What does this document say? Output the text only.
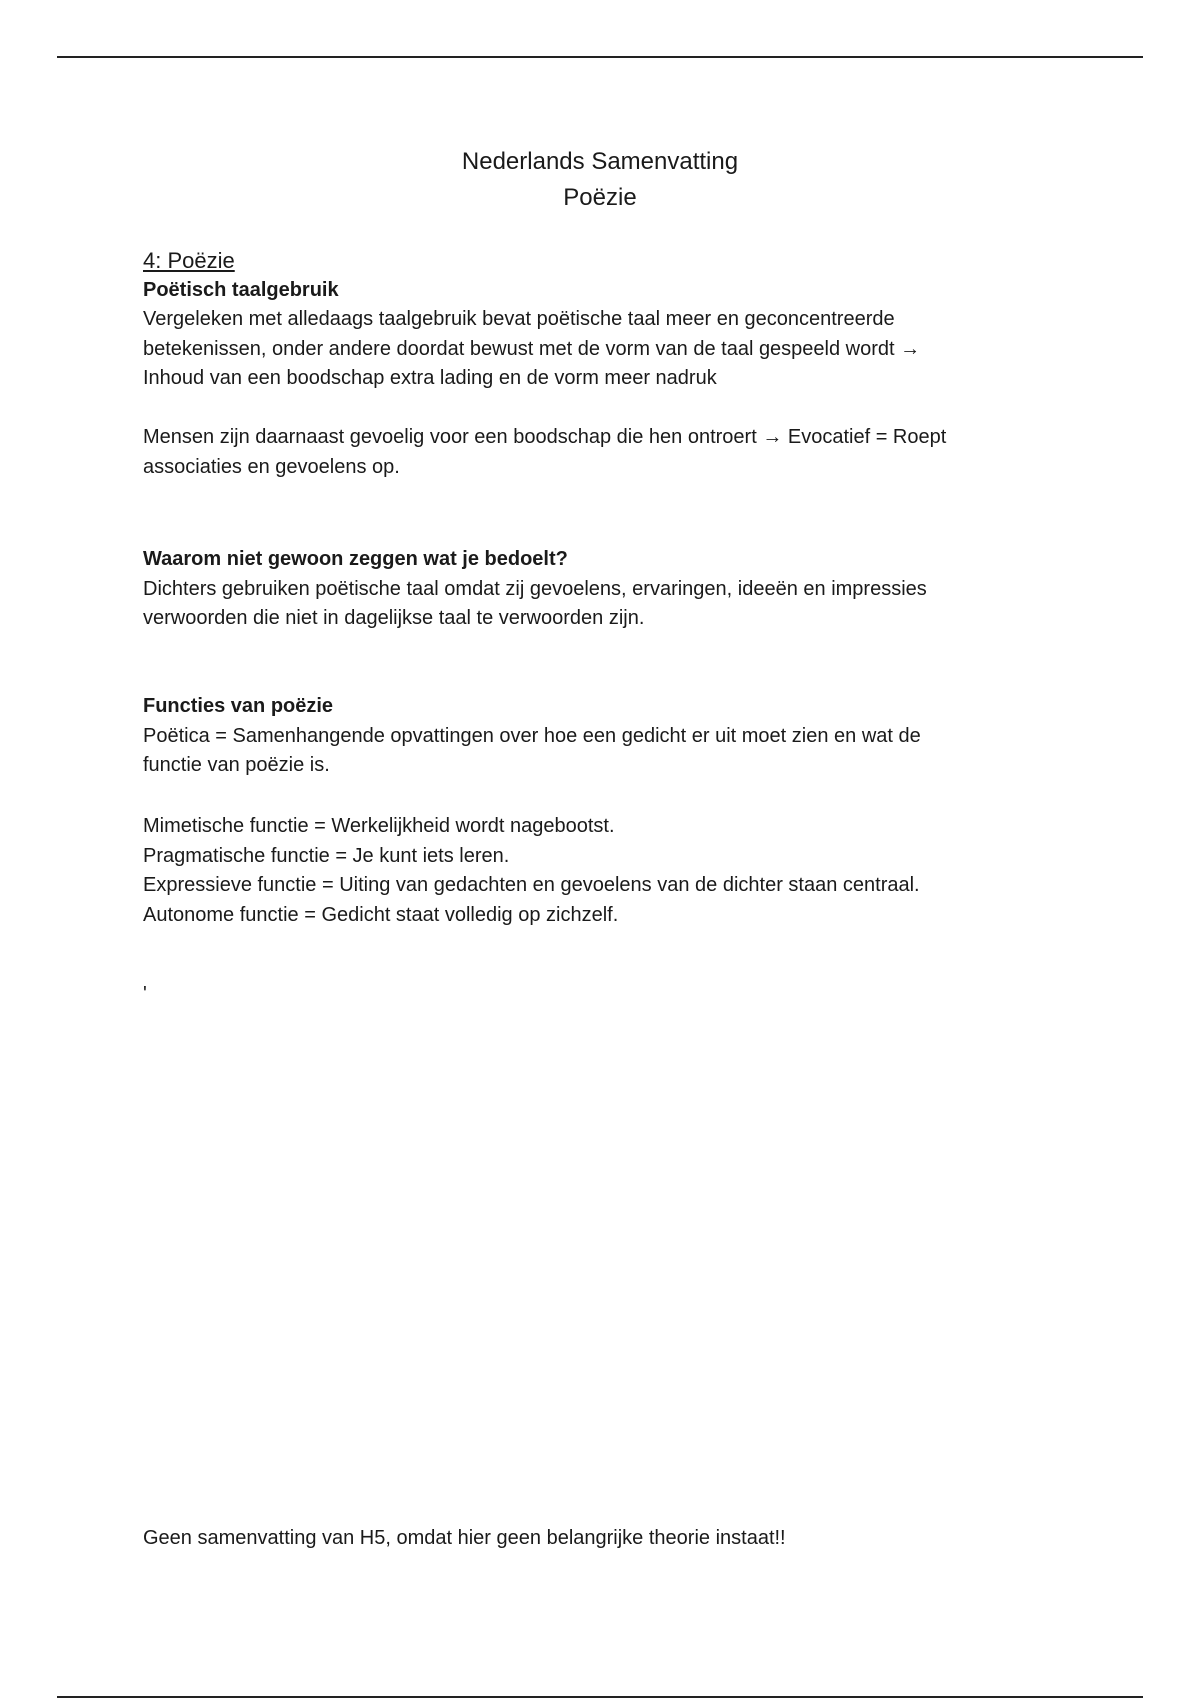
Nederlands Samenvatting
Poëzie

4: Poëzie

Poëtisch taalgebruik

Vergeleken met alledaags taalgebruik bevat poëtische taal meer en geconcentreerde

betekenissen, onder andere doordat bewust met de vorm van de taal gespeeld wordt →

Inhoud van een boodschap extra lading en de vorm meer nadruk

Mensen zijn daarnaast gevoelig voor een boodschap die hen ontroert → Evocatief = Roept

associaties en gevoelens op.

Waarom niet gewoon zeggen wat je bedoelt?

Dichters gebruiken poëtische taal omdat zij gevoelens, ervaringen, ideeën en impressies

verwoorden die niet in dagelijkse taal te verwoorden zijn.

Functies van poëzie

Poëtica = Samenhangende opvattingen over hoe een gedicht er uit moet zien en wat de

functie van poëzie is.

Mimetische functie = Werkelijkheid wordt nagebootst.

Pragmatische functie = Je kunt iets leren.

Expressieve functie = Uiting van gedachten en gevoelens van de dichter staan centraal.

Autonome functie = Gedicht staat volledig op zichzelf.

'
Geen samenvatting van H5, omdat hier geen belangrijke theorie instaat!!
